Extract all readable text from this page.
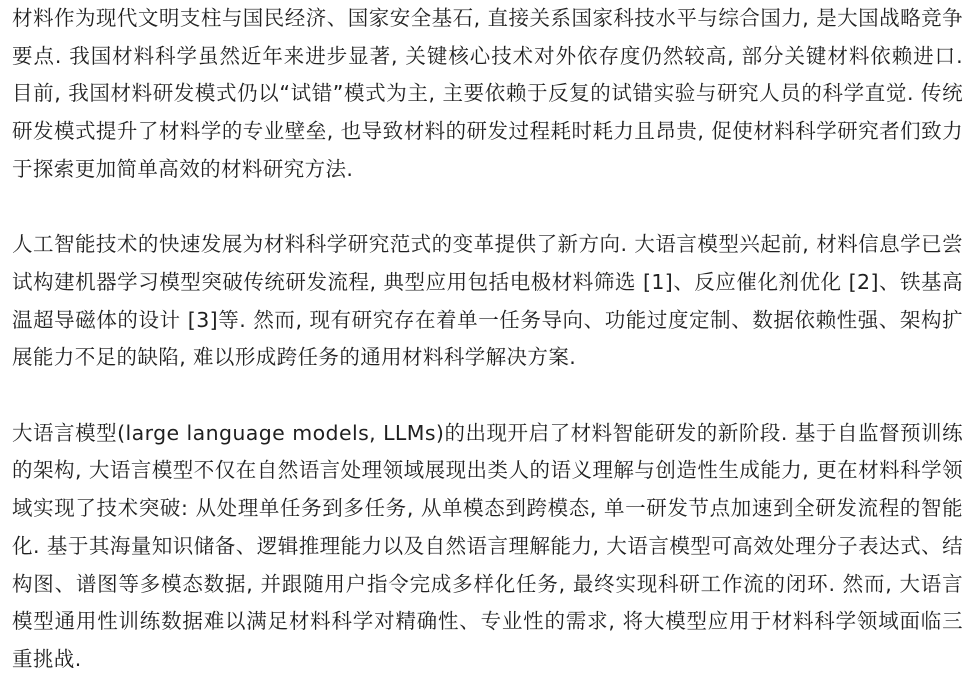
材料作为现代文明支柱与国民经济、国家安全基石, 直接关系国家科技水平与综合国力, 是大国战略竞争要点. 我国材料科学虽然近年来进步显著, 关键核心技术对外依存度仍然较高, 部分关键材料依赖进口. 目前, 我国材料研发模式仍以“试错”模式为主, 主要依赖于反复的试错实验与研究人员的科学直觉. 传统研发模式提升了材料学的专业壁垒, 也导致材料的研发过程耗时耗力且昂贵, 促使材料科学研究者们致力于探索更加简单高效的材料研究方法.

人工智能技术的快速发展为材料科学研究范式的变革提供了新方向. 大语言模型兴起前, 材料信息学已尝试构建机器学习模型突破传统研发流程, 典型应用包括电极材料筛选 [1]、反应催化剂优化 [2]、铁基高温超导磁体的设计 [3]等. 然而, 现有研究存在着单一任务导向、功能过度定制、数据依赖性强、架构扩展能力不足的缺陷, 难以形成跨任务的通用材料科学解决方案.

大语言模型(large language models, LLMs)的出现开启了材料智能研发的新阶段. 基于自监督预训练的架构, 大语言模型不仅在自然语言处理领域展现出类人的语义理解与创造性生成能力, 更在材料科学领域实现了技术突破: 从处理单任务到多任务, 从单模态到跨模态, 单一研发节点加速到全研发流程的智能化. 基于其海量知识储备、逻辑推理能力以及自然语言理解能力, 大语言模型可高效处理分子表达式、结构图、谱图等多模态数据, 并跟随用户指令完成多样化任务, 最终实现科研工作流的闭环. 然而, 大语言模型通用性训练数据难以满足材料科学对精确性、专业性的需求, 将大模型应用于材料科学领域面临三重挑战.
